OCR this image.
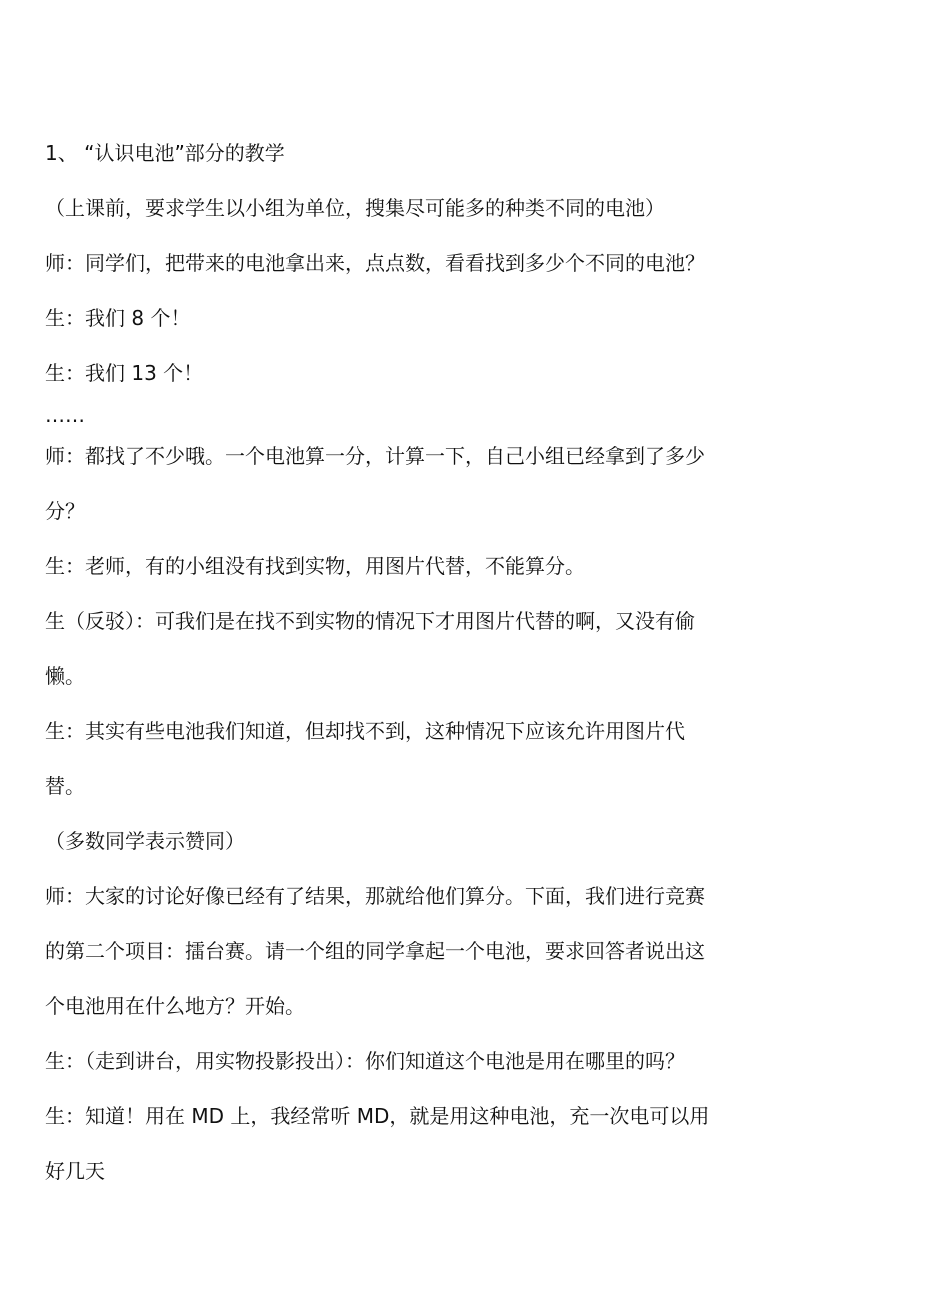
1、 “认识电池”部分的教学
（上课前，要求学生以小组为单位，搜集尽可能多的种类不同的电池）
师：同学们，把带来的电池拿出来，点点数，看看找到多少个不同的电池？
生：我们 8 个！
生：我们 13 个！
……
师：都找了不少哦。一个电池算一分，计算一下，自己小组已经拿到了多少
分？
生：老师，有的小组没有找到实物，用图片代替，不能算分。
生（反驳）：可我们是在找不到实物的情况下才用图片代替的啊，又没有偷
懒。
生：其实有些电池我们知道，但却找不到，这种情况下应该允许用图片代
替。
（多数同学表示赞同）
师：大家的讨论好像已经有了结果，那就给他们算分。下面，我们进行竞赛
的第二个项目：擂台赛。请一个组的同学拿起一个电池，要求回答者说出这
个电池用在什么地方？开始。
生：（走到讲台，用实物投影投出）：你们知道这个电池是用在哪里的吗？
生：知道！用在 MD 上，我经常听 MD，就是用这种电池，充一次电可以用
好几天
